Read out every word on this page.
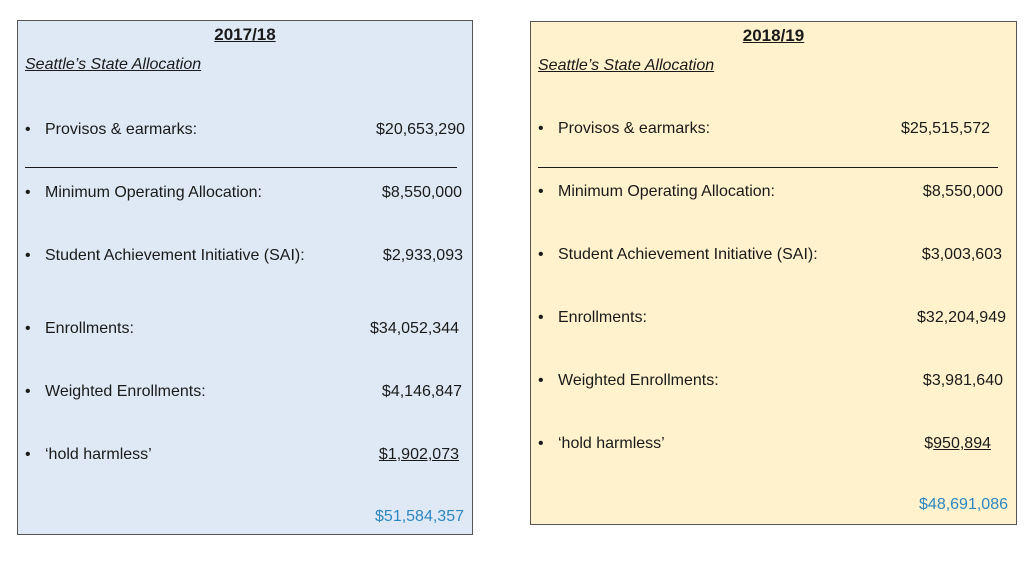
2017/18
Seattle’s State Allocation
• Provisos & earmarks:	$20,653,290
• Minimum Operating Allocation:	$8,550,000
• Student Achievement Initiative (SAI):	$2,933,093
• Enrollments:	$34,052,344
• Weighted Enrollments:	$4,146,847
• ‘hold harmless’	$1,902,073
$51,584,357
2018/19
Seattle’s State Allocation
• Provisos & earmarks:	$25,515,572
• Minimum Operating Allocation:	$8,550,000
• Student Achievement Initiative (SAI):	$3,003,603
• Enrollments:	$32,204,949
• Weighted Enrollments:	$3,981,640
• ‘hold harmless’	$950,894
$48,691,086
